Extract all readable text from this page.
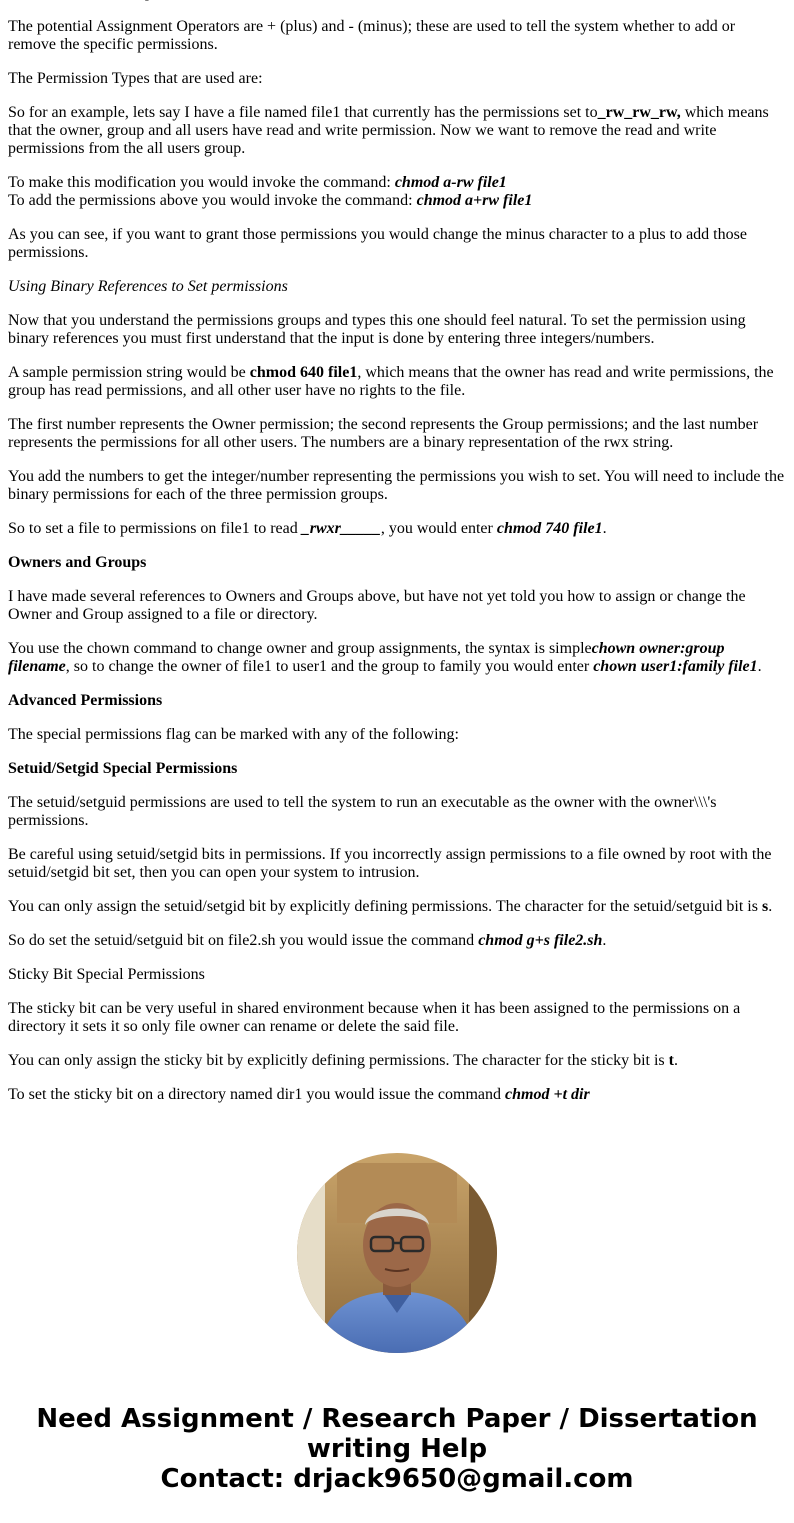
The potential Assignment Operators are + (plus) and - (minus); these are used to tell the system whether to add or remove the specific permissions.

The Permission Types that are used are:

So for an example, lets say I have a file named file1 that currently has the permissions set to_rw_rw_rw, which means that the owner, group and all users have read and write permission. Now we want to remove the read and write permissions from the all users group.

To make this modification you would invoke the command: chmod a-rw file1
To add the permissions above you would invoke the command: chmod a+rw file1

As you can see, if you want to grant those permissions you would change the minus character to a plus to add those permissions.

Using Binary References to Set permissions

Now that you understand the permissions groups and types this one should feel natural. To set the permission using binary references you must first understand that the input is done by entering three integers/numbers.

A sample permission string would be chmod 640 file1, which means that the owner has read and write permissions, the group has read permissions, and all other user have no rights to the file.

The first number represents the Owner permission; the second represents the Group permissions; and the last number represents the permissions for all other users. The numbers are a binary representation of the rwx string.

You add the numbers to get the integer/number representing the permissions you wish to set. You will need to include the binary permissions for each of the three permission groups.

So to set a file to permissions on file1 to read _rwxr_____, you would enter chmod 740 file1.

Owners and Groups

I have made several references to Owners and Groups above, but have not yet told you how to assign or change the Owner and Group assigned to a file or directory.

You use the chown command to change owner and group assignments, the syntax is simplechown owner:group filename, so to change the owner of file1 to user1 and the group to family you would enter chown user1:family file1.

Advanced Permissions

The special permissions flag can be marked with any of the following:

Setuid/Setgid Special Permissions

The setuid/setguid permissions are used to tell the system to run an executable as the owner with the owner\\\'s permissions.

Be careful using setuid/setgid bits in permissions. If you incorrectly assign permissions to a file owned by root with the setuid/setgid bit set, then you can open your system to intrusion.

You can only assign the setuid/setgid bit by explicitly defining permissions. The character for the setuid/setguid bit is s.

So do set the setuid/setguid bit on file2.sh you would issue the command chmod g+s file2.sh.

Sticky Bit Special Permissions

The sticky bit can be very useful in shared environment because when it has been assigned to the permissions on a directory it sets it so only file owner can rename or delete the said file.

You can only assign the sticky bit by explicitly defining permissions. The character for the sticky bit is t.

To set the sticky bit on a directory named dir1 you would issue the command chmod +t dir

Need Assignment / Research Paper / Dissertation
writing Help
Contact: drjack9650@gmail.com
